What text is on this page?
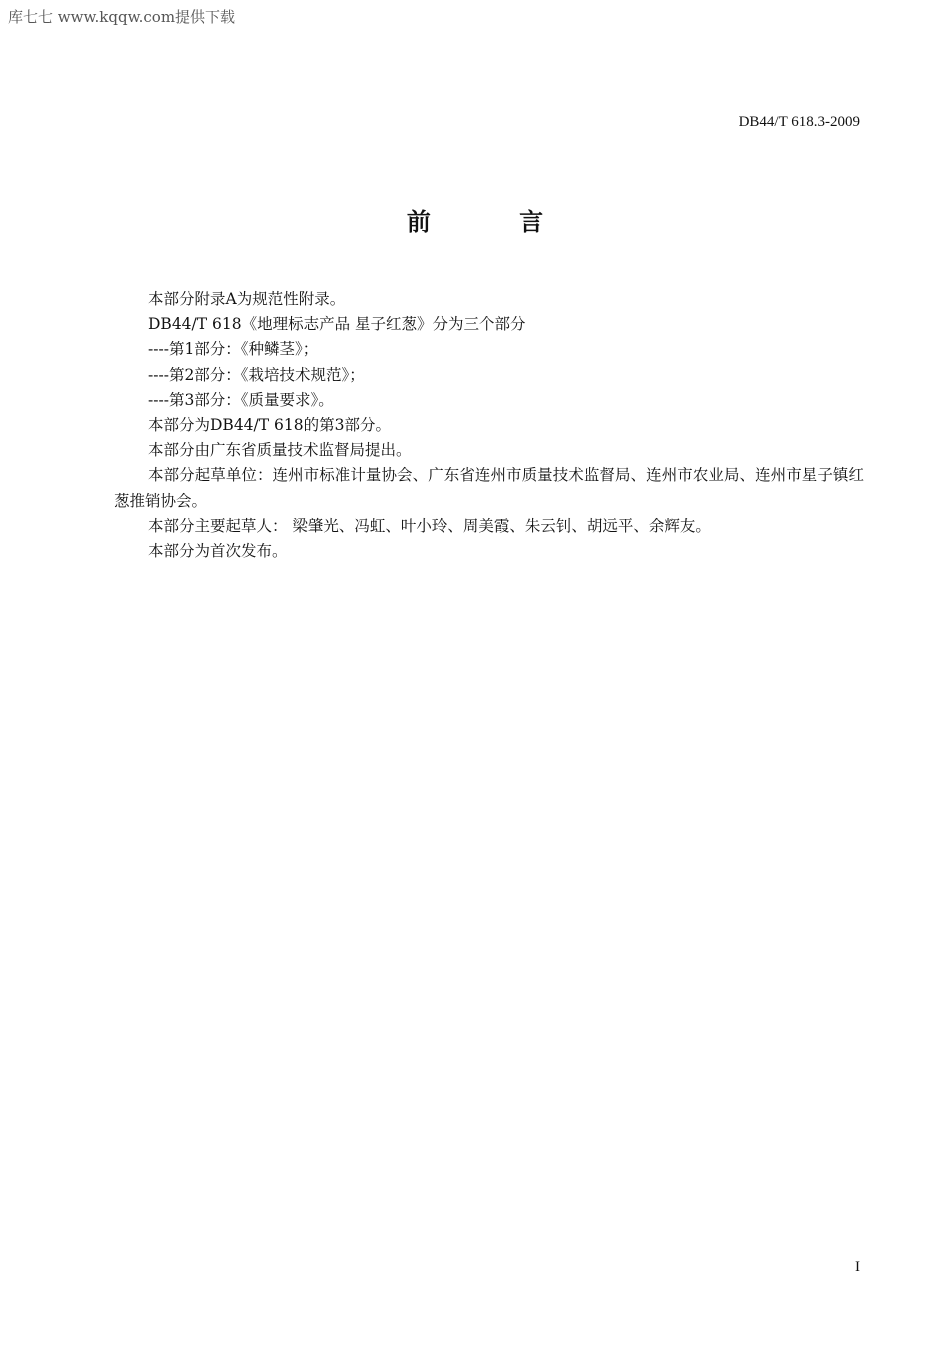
库七七 www.kqqw.com提供下载
DB44/T 618.3-2009
前 言

本部分附录A为规范性附录。

DB44/T 618《地理标志产品 星子红葱》分为三个部分

----第1部分：《种鳞茎》；

----第2部分：《栽培技术规范》；

----第3部分：《质量要求》。

本部分为DB44/T 618的第3部分。

本部分由广东省质量技术监督局提出。

本部分起草单位：连州市标准计量协会、广东省连州市质量技术监督局、连州市农业局、连州市星子镇红葱推销协会。

本部分主要起草人： 梁肇光、冯虹、叶小玲、周美霞、朱云钊、胡远平、余辉友。

本部分为首次发布。

I
